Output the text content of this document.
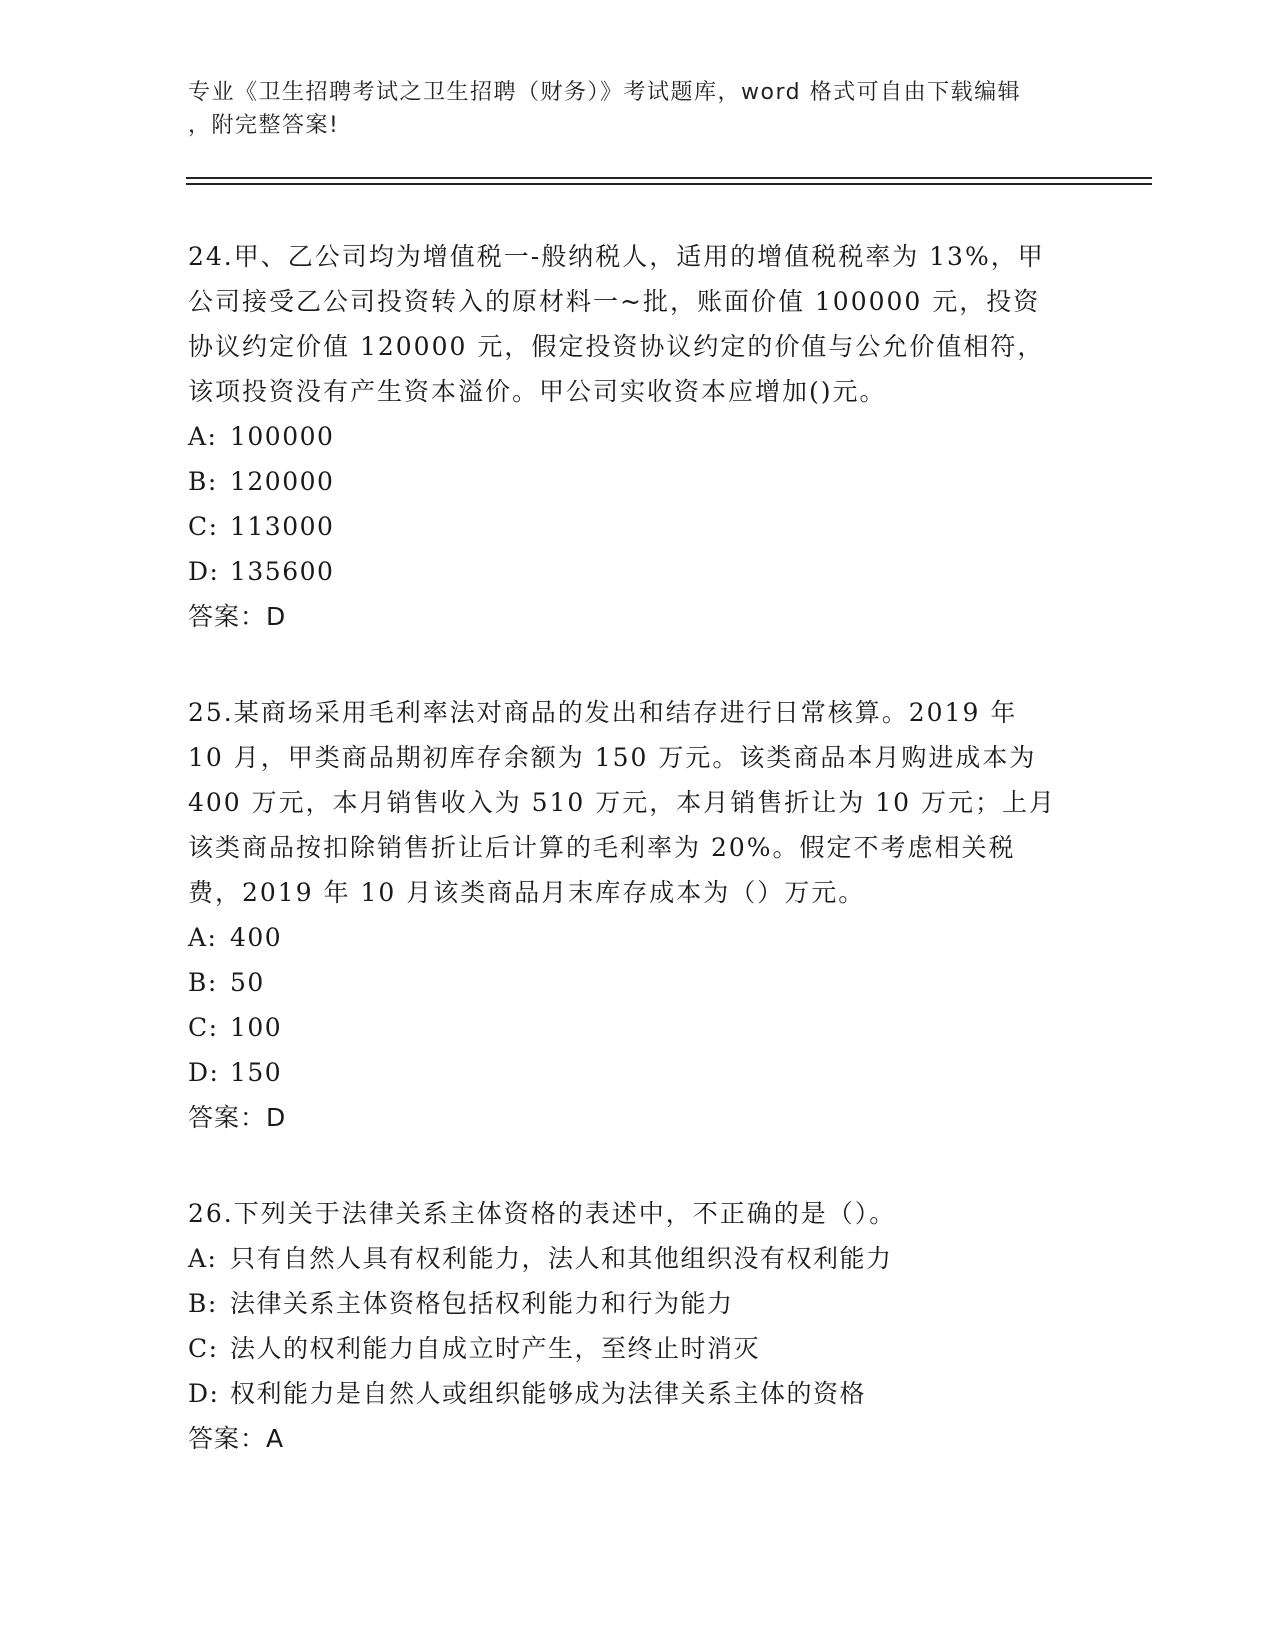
专业《卫生招聘考试之卫生招聘（财务）》考试题库，word 格式可自由下载编辑
，附完整答案!

24.甲、乙公司均为增值税一-般纳税人，适用的增值税税率为 13%，甲

公司接受乙公司投资转入的原材料一~批，账面价值 100000 元，投资

协议约定价值 120000 元，假定投资协议约定的价值与公允价值相符，

该项投资没有产生资本溢价。甲公司实收资本应增加()元。

A: 100000

B: 120000

C: 113000

D: 135600

答案：D

25.某商场采用毛利率法对商品的发出和结存进行日常核算。2019 年

10 月，甲类商品期初库存余额为 150 万元。该类商品本月购进成本为

400 万元，本月销售收入为 510 万元，本月销售折让为 10 万元；上月

该类商品按扣除销售折让后计算的毛利率为 20%。假定不考虑相关税

费，2019 年 10 月该类商品月末库存成本为（）万元。

A: 400

B: 50

C: 100

D: 150

答案：D

26.下列关于法律关系主体资格的表述中，不正确的是（）。

A: 只有自然人具有权利能力，法人和其他组织没有权利能力

B: 法律关系主体资格包括权利能力和行为能力

C: 法人的权利能力自成立时产生，至终止时消灭

D: 权利能力是自然人或组织能够成为法律关系主体的资格

答案：A
